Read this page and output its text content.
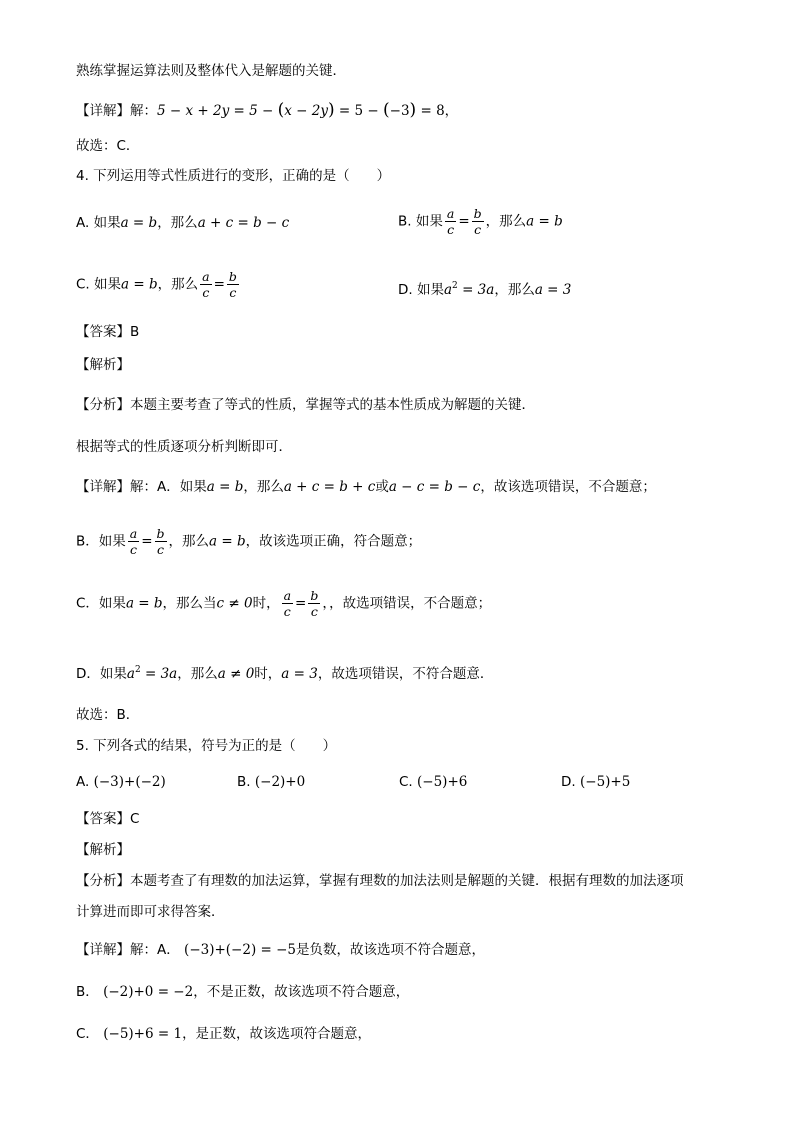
熟练掌握运算法则及整体代入是解题的关键．
【详解】解：5 − x + 2y = 5 − (x − 2y) = 5 − (−3) = 8，
故选：C．
4. 下列运用等式性质进行的变形，正确的是（　　）
A. 如果a = b，那么a + c = b − c	B. 如果 $\frac{a}{c} = \frac{b}{c}$ ，那么a = b
C. 如果a = b，那么 $\frac{a}{c} = \frac{b}{c}$	D. 如果$a^2 = 3a$，那么a = 3
【答案】B
【解析】
【分析】本题主要考查了等式的性质，掌握等式的基本性质成为解题的关键．
根据等式的性质逐项分析判断即可．
【详解】解：A．如果a = b，那么a + c = b + c或a − c = b − c，故该选项错误，不合题意；
B．如果 $\frac{a}{c} = \frac{b}{c}$ ，那么a = b，故该选项正确，符合题意；
C．如果a = b，那么当c ≠ 0时， $\frac{a}{c} = \frac{b}{c}$ ，，故选项错误，不合题意；
D．如果$a^2 = 3a$，那么a ≠ 0时，a = 3，故选项错误，不符合题意．
故选：B．
5. 下列各式的结果，符号为正的是（　　）
A. (−3)+(−2)	B. (−2)+0	C. (−5)+6	D. (−5)+5
【答案】C
【解析】
【分析】本题考查了有理数的加法运算，掌握有理数的加法法则是解题的关键．根据有理数的加法逐项
计算进而即可求得答案．
【详解】解：A． (−3)+(−2) = −5是负数，故该选项不符合题意，
B． (−2)+0 = −2，不是正数，故该选项不符合题意，
C． (−5)+6 = 1，是正数，故该选项符合题意，
